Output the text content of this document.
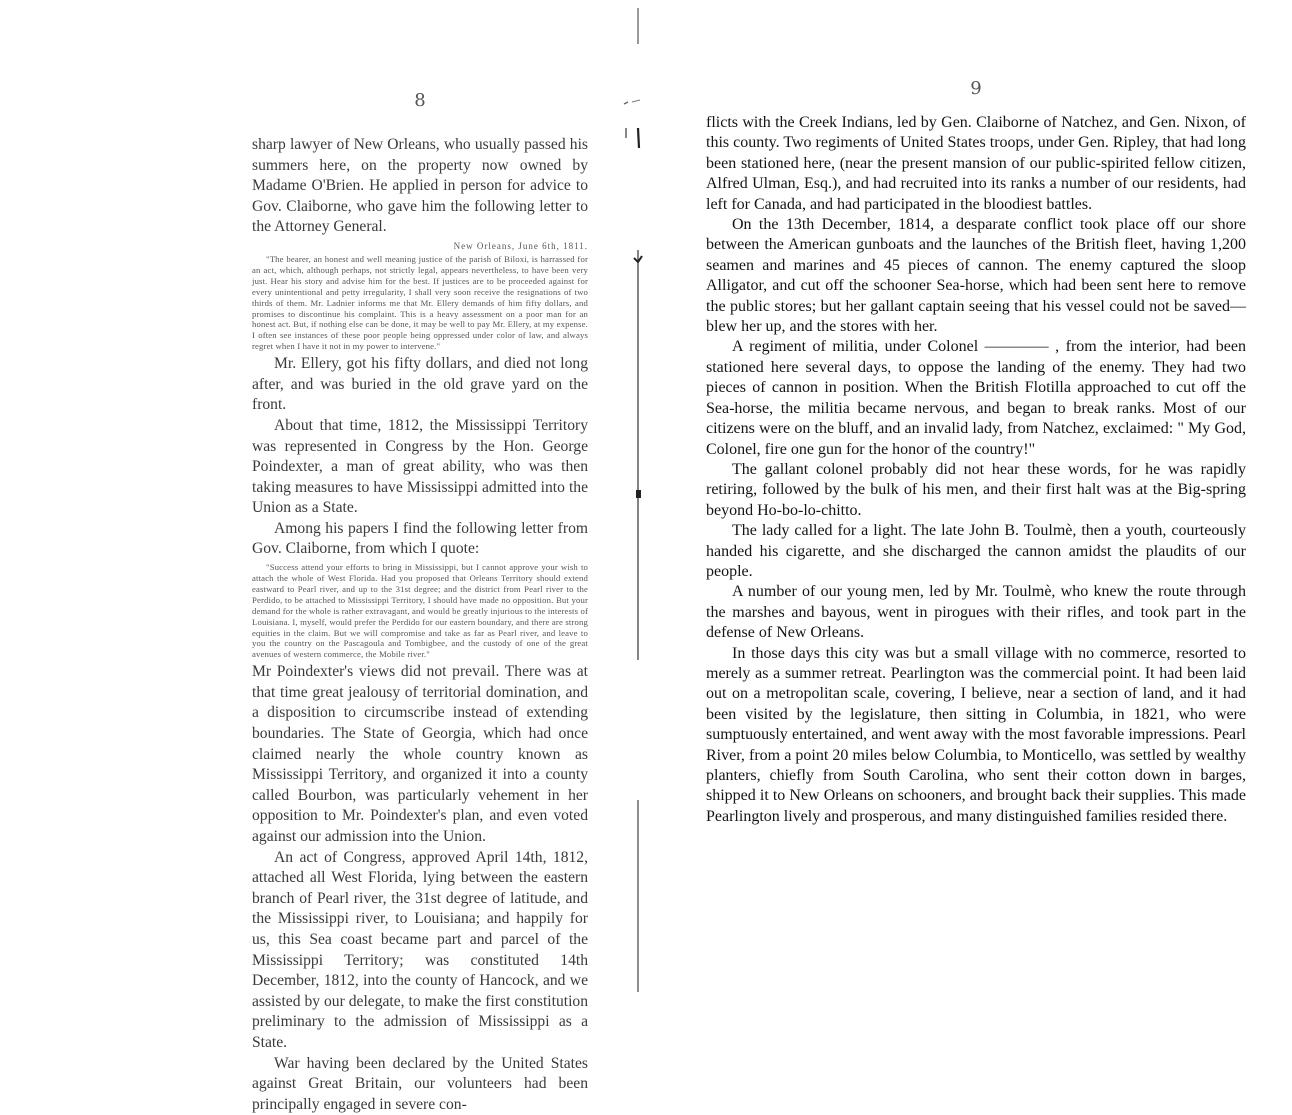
8

sharp lawyer of New Orleans, who usually passed his summers here, on the property now owned by Madame O'Brien. He applied in person for advice to Gov. Claiborne, who gave him the following letter to the Attorney General.

New Orleans, June 6th, 1811.

"The bearer, an honest and well meaning justice of the parish of Biloxi, is harrassed for an act, which, although perhaps, not strictly legal, appears nevertheless, to have been very just. Hear his story and advise him for the best. If justices are to be proceeded against for every unintentional and petty irregularity, I shall very soon receive the resignations of two thirds of them. Mr. Ladnier informs me that Mr. Ellery demands of him fifty dollars, and promises to discontinue his complaint. This is a heavy assessment on a poor man for an honest act. But, if nothing else can be done, it may be well to pay Mr. Ellery, at my expense. I often see instances of these poor people being oppressed under color of law, and always regret when I have it not in my power to intervene."

Mr. Ellery, got his fifty dollars, and died not long after, and was buried in the old grave yard on the front.

About that time, 1812, the Mississippi Territory was represented in Congress by the Hon. George Poindexter, a man of great ability, who was then taking measures to have Mississippi admitted into the Union as a State.

Among his papers I find the following letter from Gov. Claiborne, from which I quote:

"Success attend your efforts to bring in Mississippi, but I cannot approve your wish to attach the whole of West Florida. Had you proposed that Orleans Territory should extend eastward to Pearl river, and up to the 31st degree; and the district from Pearl river to the Perdido, to be attached to Mississippi Territory, I should have made no opposition. But your demand for the whole is rather extravagant, and would be greatly injurious to the interests of Louisiana. I, myself, would prefer the Perdido for our eastern boundary, and there are strong equities in the claim. But we will compromise and take as far as Pearl river, and leave to you the country on the Pascagoula and Tombigbee, and the custody of one of the great avenues of western commerce, the Mobile river."

Mr Poindexter's views did not prevail. There was at that time great jealousy of territorial domination, and a disposition to circumscribe instead of extending boundaries. The State of Georgia, which had once claimed nearly the whole country known as Mississippi Territory, and organized it into a county called Bourbon, was particularly vehement in her opposition to Mr. Poindexter's plan, and even voted against our admission into the Union.

An act of Congress, approved April 14th, 1812, attached all West Florida, lying between the eastern branch of Pearl river, the 31st degree of latitude, and the Mississippi river, to Louisiana; and happily for us, this Sea coast became part and parcel of the Mississippi Territory; was constituted 14th December, 1812, into the county of Hancock, and we assisted by our delegate, to make the first constitution preliminary to the admission of Mississippi as a State.

War having been declared by the United States against Great Britain, our volunteers had been principally engaged in severe con-

9

flicts with the Creek Indians, led by Gen. Claiborne of Natchez, and Gen. Nixon, of this county. Two regiments of United States troops, under Gen. Ripley, that had long been stationed here, (near the present mansion of our public-spirited fellow citizen, Alfred Ulman, Esq.), and had recruited into its ranks a number of our residents, had left for Canada, and had participated in the bloodiest battles.

On the 13th December, 1814, a desparate conflict took place off our shore between the American gunboats and the launches of the British fleet, having 1,200 seamen and marines and 45 pieces of cannon. The enemy captured the sloop Alligator, and cut off the schooner Sea-horse, which had been sent here to remove the public stores; but her gallant captain seeing that his vessel could not be saved—blew her up, and the stores with her.

A regiment of militia, under Colonel ———— , from the interior, had been stationed here several days, to oppose the landing of the enemy. They had two pieces of cannon in position. When the British Flotilla approached to cut off the Sea-horse, the militia became nervous, and began to break ranks. Most of our citizens were on the bluff, and an invalid lady, from Natchez, exclaimed: " My God, Colonel, fire one gun for the honor of the country!"

The gallant colonel probably did not hear these words, for he was rapidly retiring, followed by the bulk of his men, and their first halt was at the Big-spring beyond Ho-bo-lo-chitto.

The lady called for a light. The late John B. Toulmè, then a youth, courteously handed his cigarette, and she discharged the cannon amidst the plaudits of our people.

A number of our young men, led by Mr. Toulmè, who knew the route through the marshes and bayous, went in pirogues with their rifles, and took part in the defense of New Orleans.

In those days this city was but a small village with no commerce, resorted to merely as a summer retreat. Pearlington was the commercial point. It had been laid out on a metropolitan scale, covering, I believe, near a section of land, and it had been visited by the legislature, then sitting in Columbia, in 1821, who were sumptuously entertained, and went away with the most favorable impressions. Pearl River, from a point 20 miles below Columbia, to Monticello, was settled by wealthy planters, chiefly from South Carolina, who sent their cotton down in barges, shipped it to New Orleans on schooners, and brought back their supplies. This made Pearlington lively and prosperous, and many distinguished families resided there.
